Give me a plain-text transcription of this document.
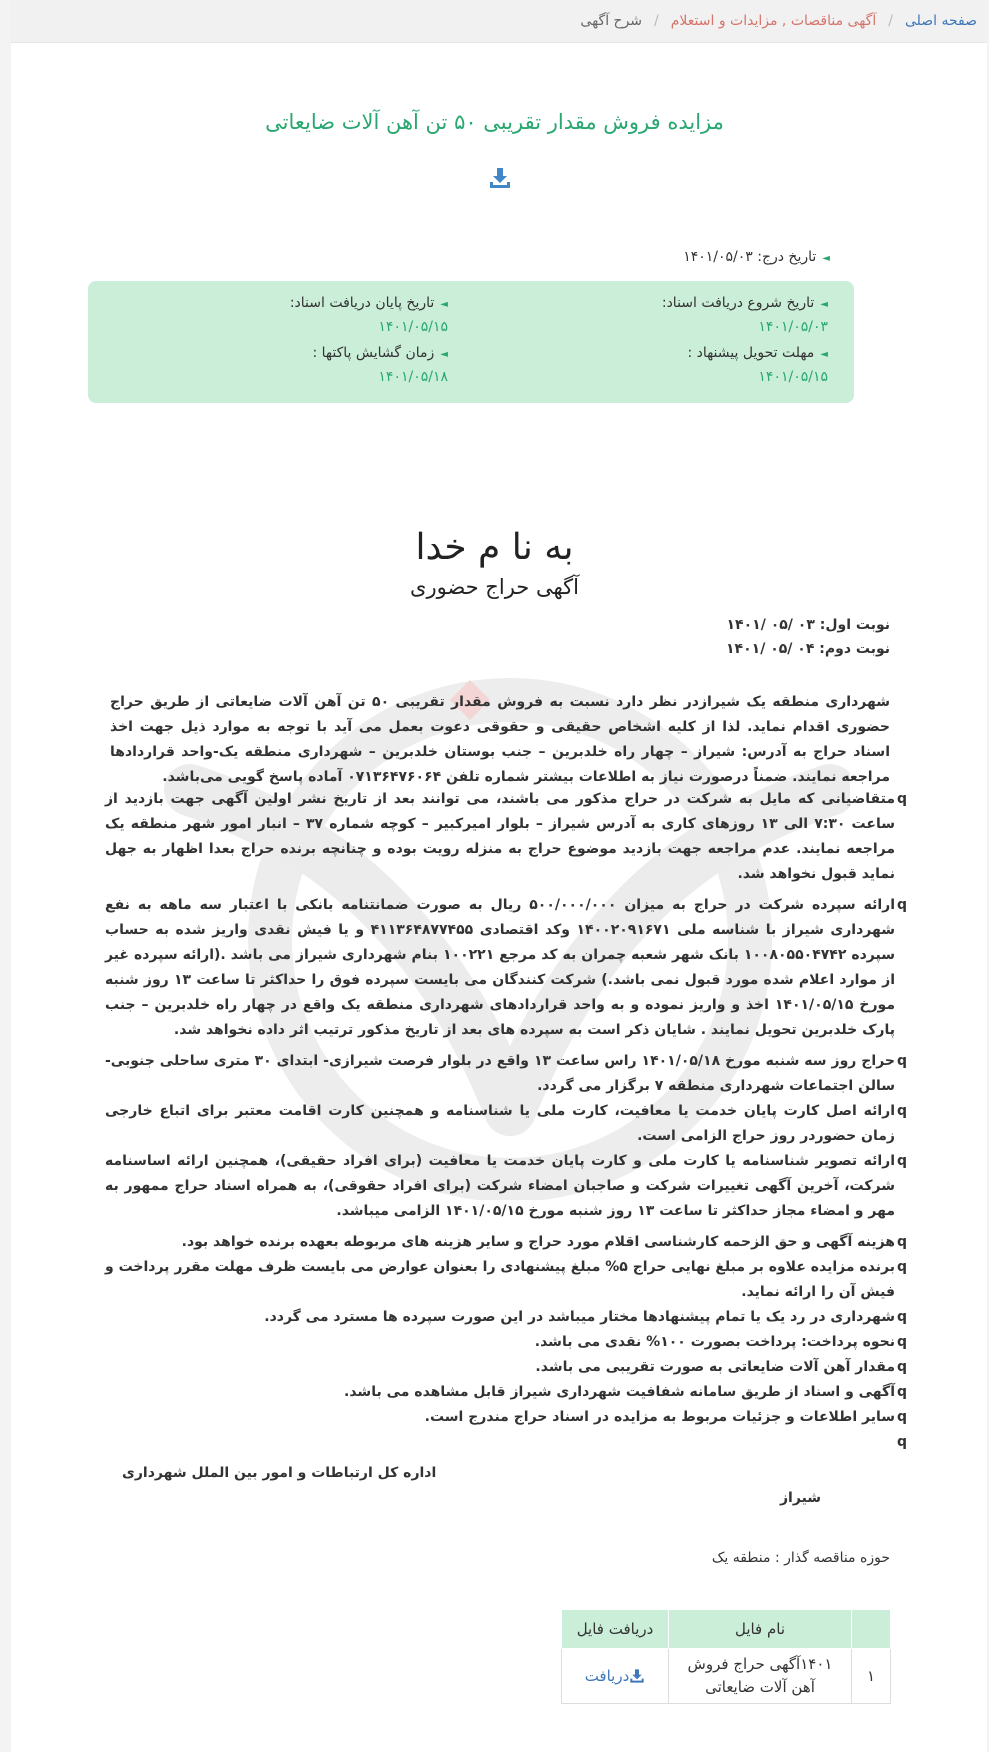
صفحه اصلی
/
آگهی مناقصات , مزایدات و استعلام
/
شرح آگهی
مزایده فروش مقدار تقریبی ۵۰ تن آهن آلات ضایعاتی
◄تاریخ درج: ۱۴۰۱/۰۵/۰۳
◄تاریخ شروع دریافت اسناد:
۱۴۰۱/۰۵/۰۳
◄تاریخ پایان دریافت اسناد:
۱۴۰۱/۰۵/۱۵
◄مهلت تحویل پیشنهاد :
۱۴۰۱/۰۵/۱۵
◄زمان گشایش پاکتها :
۱۴۰۱/۰۵/۱۸
به نا م خدا
آگهی حراج حضوری
نوبت اول: ۰۳ /۰۵ /۱۴۰۱
نوبت دوم: ۰۴ /۰۵ /۱۴۰۱
شهرداری منطقه یک شیرازدر نظر دارد نسبت به فروش مقدار تقریبی ۵۰ تن آهن آلات ضایعاتی از طریق حراج حضوری اقدام نماید. لذا از کلیه اشخاص حقیقی و حقوقی دعوت بعمل می آید با توجه به موارد ذیل جهت اخذ اسناد حراج به آدرس: شیراز – چهار راه خلدبرین – جنب بوستان خلدبرین – شهرداری منطقه یک-واحد قراردادها مراجعه نمایند. ضمناً درصورت نیاز به اطلاعات بیشتر شماره تلفن ۰۷۱۳۶۴۷۶۰۶۴ آماده پاسخ گویی می‌باشد.
q
متقاضیانی که مایل به شرکت در حراج مذکور می باشند، می توانند بعد از تاریخ نشر اولین آگهی جهت بازدید از ساعت ۷:۳۰ الی ۱۳ روزهای کاری به آدرس شیراز – بلوار امیرکبیر – کوچه شماره ۳۷ – انبار امور شهر منطقه یک مراجعه نمایند. عدم مراجعه جهت بازدید موضوع حراج به منزله رویت بوده و چنانچه برنده حراج بعدا اظهار به جهل نماید قبول نخواهد شد.
q
ارائه سپرده شرکت در حراج به میزان ۵۰۰/۰۰۰/۰۰۰ ریال به صورت ضمانتنامه بانکی با اعتبار سه ماهه به نفع شهرداری شیراز با شناسه ملی ۱۴۰۰۲۰۹۱۶۷۱ وکد اقتصادی ۴۱۱۳۶۴۸۷۷۴۵۵ و یا فیش نقدی واریز شده به حساب سپرده ۱۰۰۸۰۵۵۰۴۷۴۲ بانک شهر شعبه چمران به کد مرجع ۱۰۰۲۲۱ بنام شهرداری شیراز می باشد .(ارائه سپرده غیر از موارد اعلام شده مورد قبول نمی باشد.) شرکت کنندگان می بایست سپرده فوق را حداکثر تا ساعت ۱۳ روز شنبه مورخ ۱۴۰۱/۰۵/۱۵ اخذ و واریز نموده و به واحد قراردادهای شهرداری منطقه یک واقع در چهار راه خلدبرین – جنب پارک خلدبرین تحویل نمایند . شایان ذکر است به سپرده های بعد از تاریخ مذکور ترتیب اثر داده نخواهد شد.
q
حراج روز سه شنبه مورخ ۱۴۰۱/۰۵/۱۸ راس ساعت ۱۳ واقع در بلوار فرصت شیرازی- ابتدای ۳۰ متری ساحلی جنوبی- سالن اجتماعات شهرداری منطقه ۷ برگزار می گردد.
q
ارائه اصل کارت پایان خدمت یا معافیت، کارت ملی یا شناسنامه و همچنین کارت اقامت معتبر برای اتباع خارجی زمان حضوردر روز حراج الزامی است.
q
ارائه تصویر شناسنامه یا کارت ملی و کارت پایان خدمت یا معافیت (برای افراد حقیقی)، همچنین ارائه اساسنامه شرکت، آخرین آگهی تغییرات شرکت و صاجبان امضاء شرکت (برای افراد حقوقی)، به همراه اسناد حراج ممهور به مهر و امضاء مجاز حداکثر تا ساعت ۱۳ روز شنبه مورخ ۱۴۰۱/۰۵/۱۵ الزامی میباشد.
q
هزینه آگهی و حق الزحمه کارشناسی اقلام مورد حراج و سایر هزینه های مربوطه بعهده برنده خواهد بود.
q
برنده مزایده علاوه بر مبلغ نهایی حراج ۵% مبلغ پیشنهادی را بعنوان عوارض می بایست ظرف مهلت مقرر پرداخت و فیش آن را ارائه نماید.
q
شهرداری در رد یک یا تمام پیشنهادها مختار میباشد در این صورت سپرده ها مسترد می گردد.
q
نحوه پرداخت: پرداخت بصورت ۱۰۰% نقدی می باشد.
q
مقدار آهن آلات ضایعاتی به صورت تقریبی می باشد.
q
آگهی و اسناد از طریق سامانه شفافیت شهرداری شیراز قابل مشاهده می باشد.
q
سایر اطلاعات و جزئیات مربوط به مزایده در اسناد حراج مندرج است.
q
اداره کل ارتباطات و امور بین الملل شهرداری
شیراز
حوزه مناقصه گذار : منطقه یک
	نام فایل	دریافت فایل
۱	۱۴۰۱آگهی حراج فروش آهن آلات ضایعاتی	دریافت
